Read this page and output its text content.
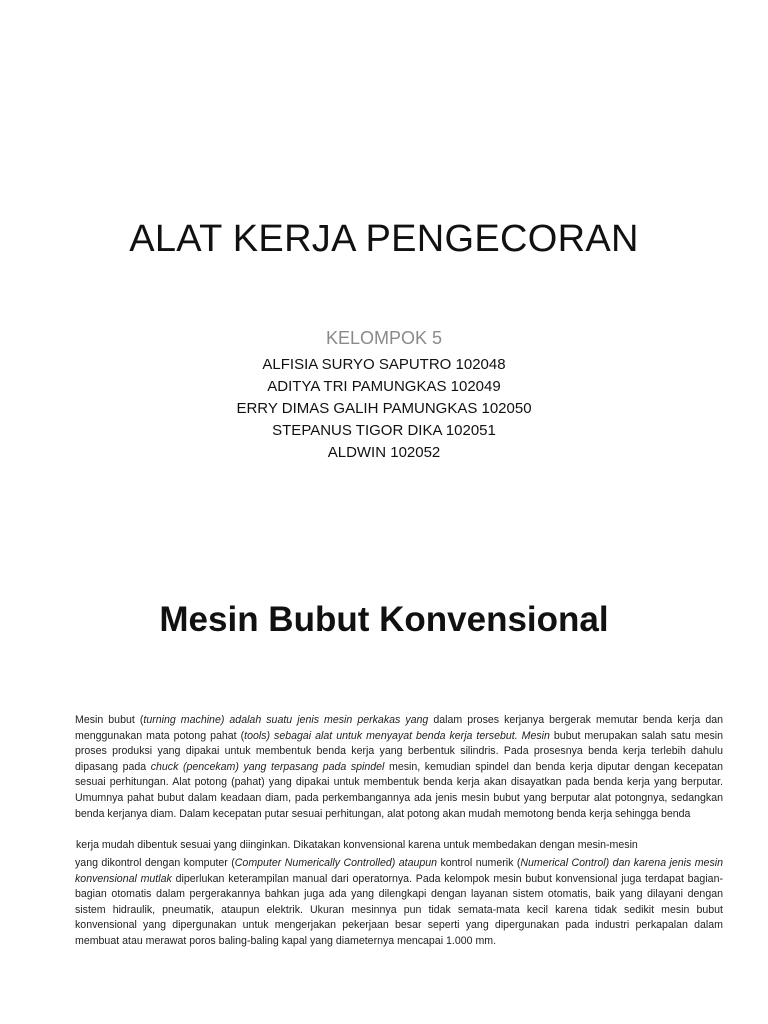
ALAT KERJA PENGECORAN
KELOMPOK 5
ALFISIA SURYO SAPUTRO 102048
ADITYA TRI PAMUNGKAS 102049
ERRY DIMAS GALIH PAMUNGKAS 102050
STEPANUS TIGOR DIKA 102051
ALDWIN 102052
Mesin Bubut Konvensional
Mesin bubut (turning machine) adalah suatu jenis mesin perkakas yang dalam proses kerjanya bergerak memutar benda kerja dan menggunakan mata potong pahat (tools) sebagai alat untuk menyayat benda kerja tersebut. Mesin bubut merupakan salah satu mesin proses produksi yang dipakai untuk membentuk benda kerja yang berbentuk silindris. Pada prosesnya benda kerja terlebih dahulu dipasang pada chuck (pencekam) yang terpasang pada spindel mesin, kemudian spindel dan benda kerja diputar dengan kecepatan sesuai perhitungan. Alat potong (pahat) yang dipakai untuk membentuk benda kerja akan disayatkan pada benda kerja yang berputar. Umumnya pahat bubut dalam keadaan diam, pada perkembangannya ada jenis mesin bubut yang berputar alat potongnya, sedangkan benda kerjanya diam. Dalam kecepatan putar sesuai perhitungan, alat potong akan mudah memotong benda kerja sehingga benda
kerja mudah dibentuk sesuai yang diinginkan. Dikatakan konvensional karena untuk membedakan dengan mesin-mesin
yang dikontrol dengan komputer (Computer Numerically Controlled) ataupun kontrol numerik (Numerical Control) dan karena jenis mesin konvensional mutlak diperlukan keterampilan manual dari operatornya. Pada kelompok mesin bubut konvensional juga terdapat bagian-bagian otomatis dalam pergerakannya bahkan juga ada yang dilengkapi dengan layanan sistem otomatis, baik yang dilayani dengan sistem hidraulik, pneumatik, ataupun elektrik. Ukuran mesinnya pun tidak semata-mata kecil karena tidak sedikit mesin bubut konvensional yang dipergunakan untuk mengerjakan pekerjaan besar seperti yang dipergunakan pada industri perkapalan dalam membuat atau merawat poros baling-baling kapal yang diameternya mencapai 1.000 mm.
